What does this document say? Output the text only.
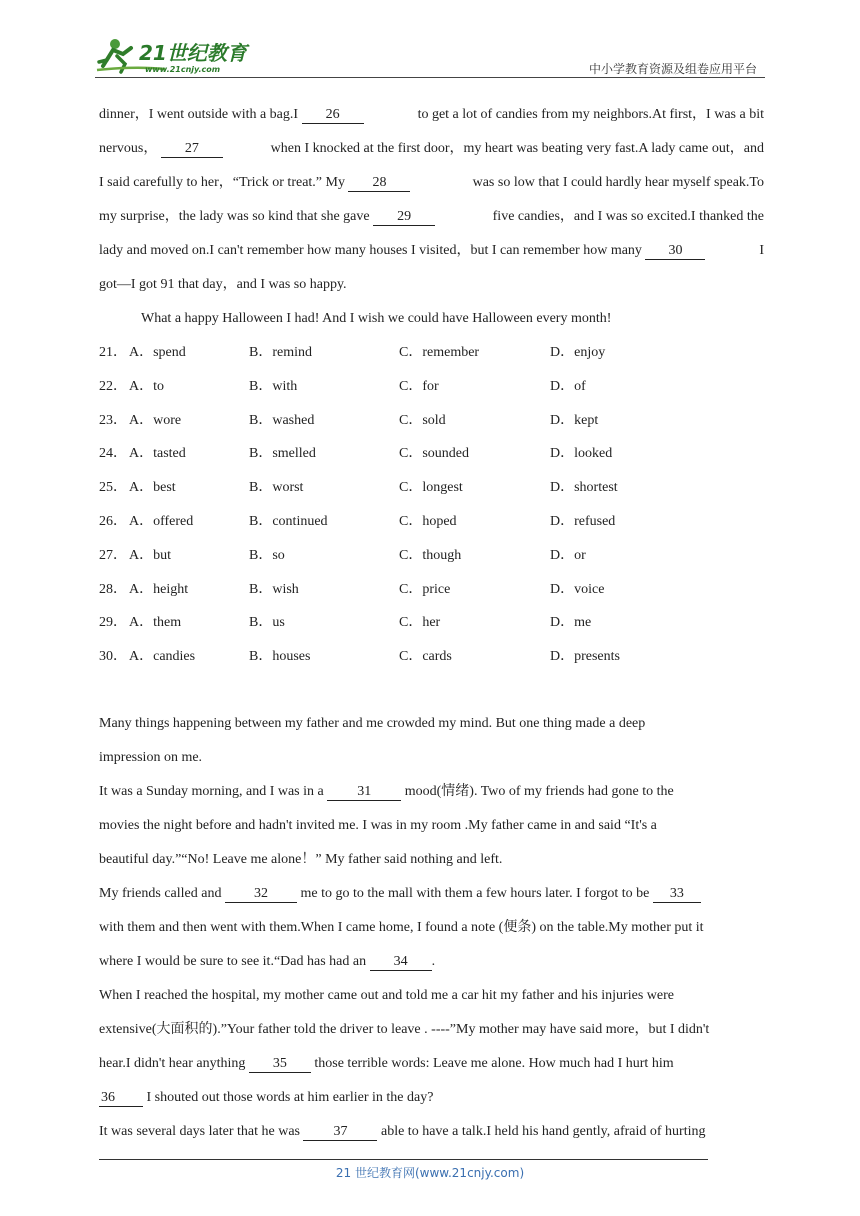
21世纪教育
www.21cnjy.com	中小学教育资源及组卷应用平台
dinner，I went outside with a bag.I 26	to get a lot of candies from my neighbors.At first，I was a bit
nervous， 27	when I knocked at the first door，my heart was beating very fast.A lady came out，and
I said carefully to her，“Trick or treat.” My 28	was so low that I could hardly hear myself speak.To
my surprise，the lady was so kind that she gave 29	five candies，and I was so excited.I thanked the
lady and moved on.I can't remember how many houses I visited，but I can remember how many 30	I
got—I got 91 that day，and I was so happy.
What a happy Halloween I had! And I wish we could have Halloween every month!
21． A．spend	B．remind	C．remember	D．enjoy
22． A．to	B．with	C．for	D．of
23． A．wore	B．washed	C．sold	D．kept
24． A．tasted	B．smelled	C．sounded	D．looked
25． A．best	B．worst	C．longest	D．shortest
26． A．offered	B．continued	C．hoped	D．refused
27． A．but	B．so	C．though	D．or
28． A．height	B．wish	C．price	D．voice
29． A．them	B．us	C．her	D．me
30． A．candies	B．houses	C．cards	D．presents
Many things happening between my father and me crowded my mind. But one thing made a deep
impression on me.
It was a Sunday morning, and I was in a 31 mood(情绪). Two of my friends had gone to the
movies the night before and hadn't invited me. I was in my room .My father came in and said “It's a
beautiful day.”“No! Leave me alone！” My father said nothing and left.
My friends called and 32 me to go to the mall with them a few hours later. I forgot to be 33
with them and then went with them.When I came home, I found a note (便条) on the table.My mother put it
where I would be sure to see it.“Dad has had an 34 .
When I reached the hospital, my mother came out and told me a car hit my father and his injuries were
extensive(大面积的).”Your father told the driver to leave . ----”My mother may have said more，but I didn't
hear.I didn't hear anything 35 those terrible words: Leave me alone. How much had I hurt him
36 I shouted out those words at him earlier in the day?
It was several days later that he was 37 able to have a talk.I held his hand gently, afraid of hurting
21 世纪教育网(www.21cnjy.com)
